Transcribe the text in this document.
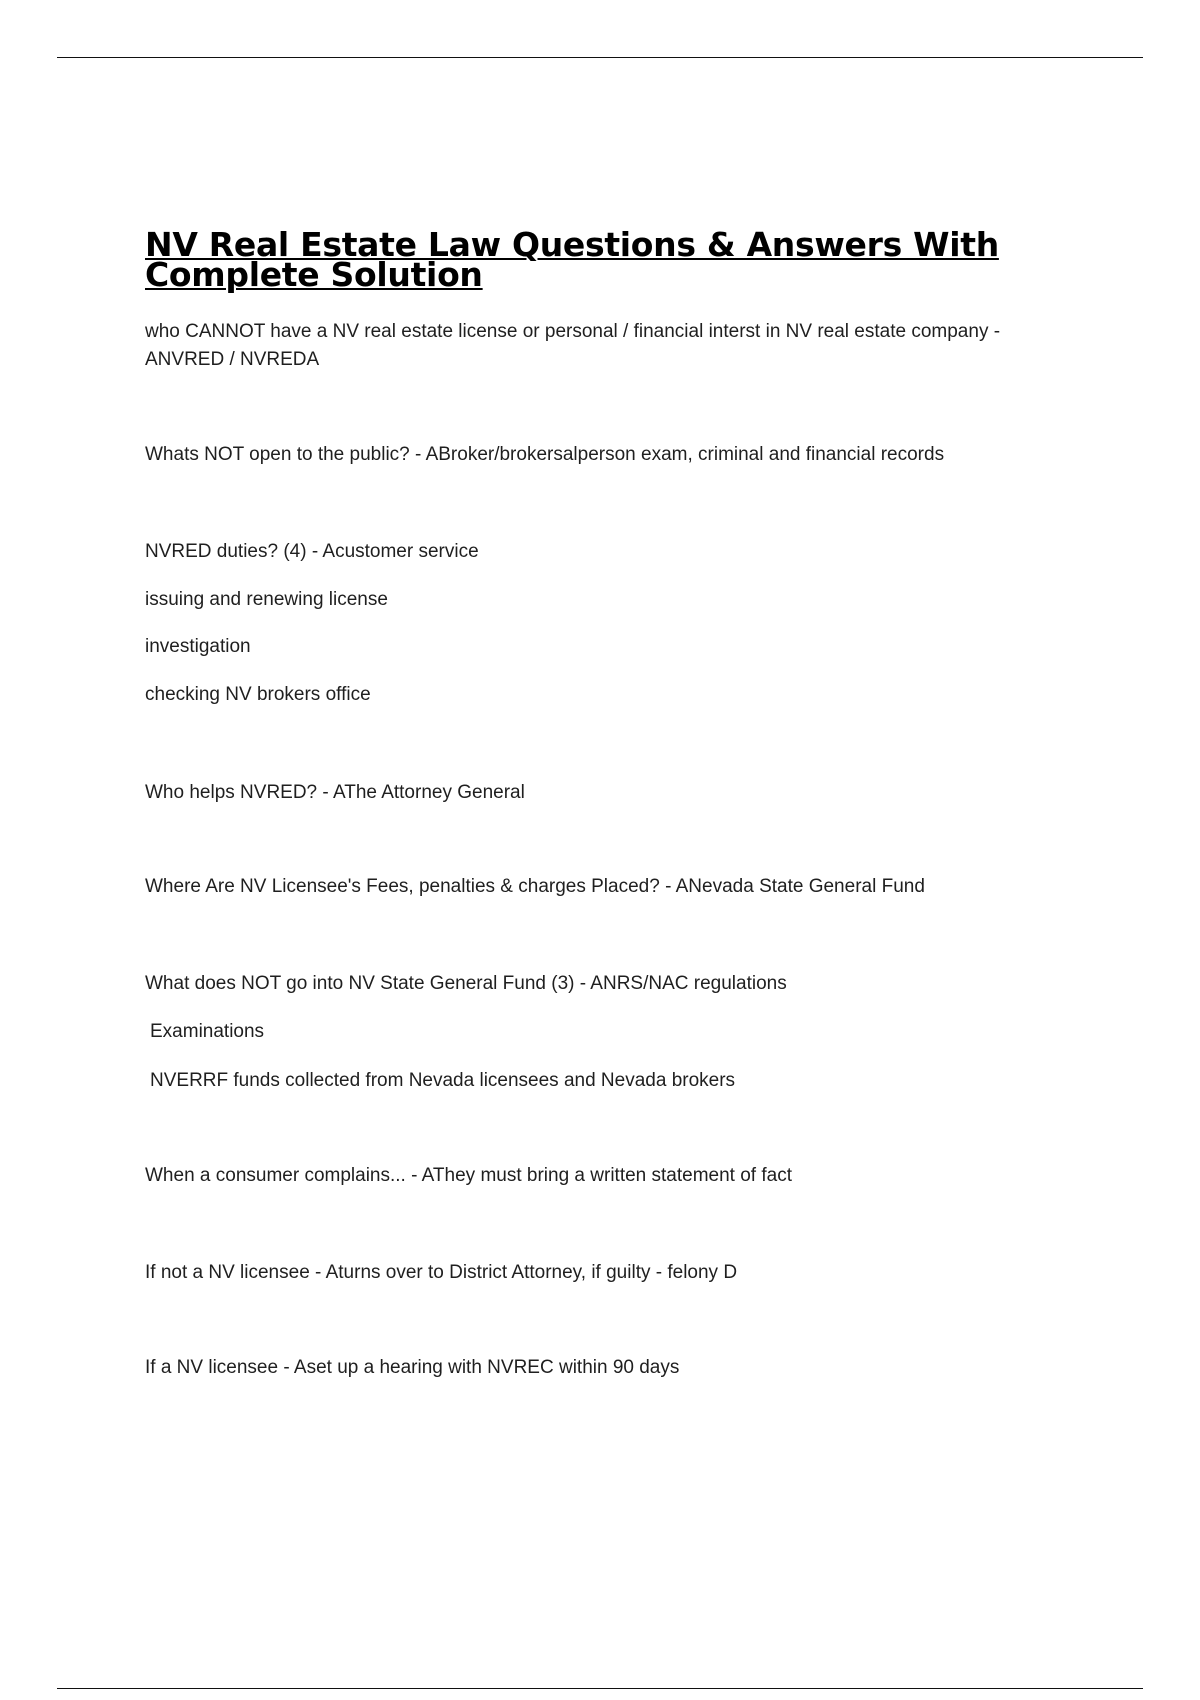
NV Real Estate Law Questions & Answers With
Complete Solution
who CANNOT have a NV real estate license or personal / financial interst in NV real estate company -
ANVRED / NVREDA
Whats NOT open to the public? - ABroker/brokersalperson exam, criminal and financial records
NVRED duties? (4) - Acustomer service
issuing and renewing license
investigation
checking NV brokers office
Who helps NVRED? - AThe Attorney General
Where Are NV Licensee's Fees, penalties & charges Placed? - ANevada State General Fund
What does NOT go into NV State General Fund (3) - ANRS/NAC regulations
Examinations
NVERRF funds collected from Nevada licensees and Nevada brokers
When a consumer complains... - AThey must bring a written statement of fact
If not a NV licensee - Aturns over to District Attorney, if guilty - felony D
If a NV licensee - Aset up a hearing with NVREC within 90 days
